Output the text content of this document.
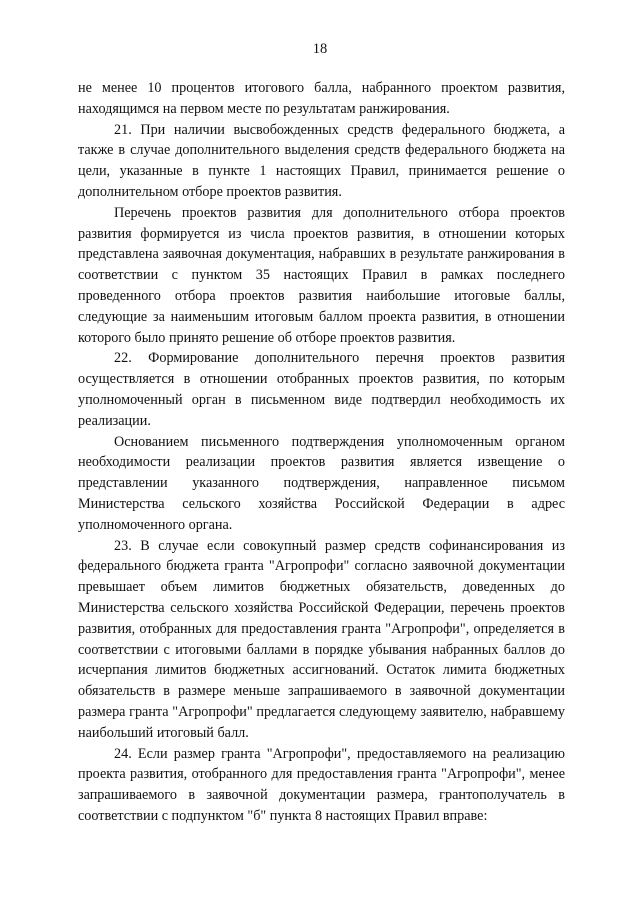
18

не менее 10 процентов итогового балла, набранного проектом развития, находящимся на первом месте по результатам ранжирования.

21. При наличии высвобожденных средств федерального бюджета, а также в случае дополнительного выделения средств федерального бюджета на цели, указанные в пункте 1 настоящих Правил, принимается решение о дополнительном отборе проектов развития.

Перечень проектов развития для дополнительного отбора проектов развития формируется из числа проектов развития, в отношении которых представлена заявочная документация, набравших в результате ранжирования в соответствии с пунктом 35 настоящих Правил в рамках последнего проведенного отбора проектов развития наибольшие итоговые баллы, следующие за наименьшим итоговым баллом проекта развития, в отношении которого было принято решение об отборе проектов развития.

22. Формирование дополнительного перечня проектов развития осуществляется в отношении отобранных проектов развития, по которым уполномоченный орган в письменном виде подтвердил необходимость их реализации.

Основанием письменного подтверждения уполномоченным органом необходимости реализации проектов развития является извещение о представлении указанного подтверждения, направленное письмом Министерства сельского хозяйства Российской Федерации в адрес уполномоченного органа.

23. В случае если совокупный размер средств софинансирования из федерального бюджета гранта "Агропрофи" согласно заявочной документации превышает объем лимитов бюджетных обязательств, доведенных до Министерства сельского хозяйства Российской Федерации, перечень проектов развития, отобранных для предоставления гранта "Агропрофи", определяется в соответствии с итоговыми баллами в порядке убывания набранных баллов до исчерпания лимитов бюджетных ассигнований. Остаток лимита бюджетных обязательств в размере меньше запрашиваемого в заявочной документации размера гранта "Агропрофи" предлагается следующему заявителю, набравшему наибольший итоговый балл.

24. Если размер гранта "Агропрофи", предоставляемого на реализацию проекта развития, отобранного для предоставления гранта "Агропрофи", менее запрашиваемого в заявочной документации размера, грантополучатель в соответствии с подпунктом "б" пункта 8 настоящих Правил вправе:
